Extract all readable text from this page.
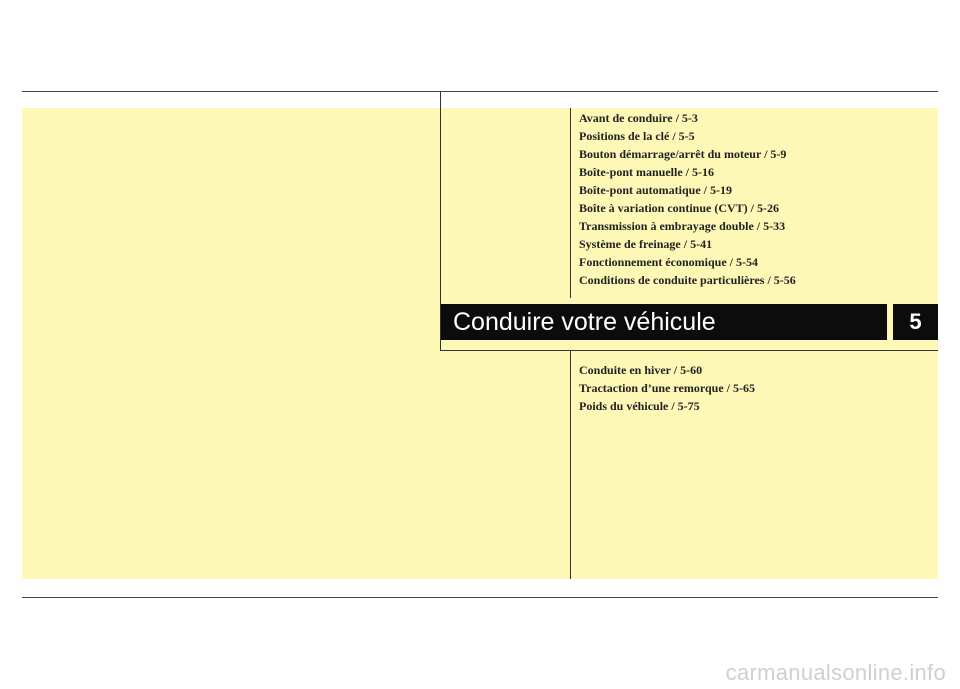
Avant de conduire / 5-3
Positions de la clé / 5-5
Bouton démarrage/arrêt du moteur / 5-9
Boîte-pont manuelle / 5-16
Boîte-pont automatique / 5-19
Boîte à variation continue (CVT) / 5-26
Transmission à embrayage double / 5-33
Système de freinage / 5-41
Fonctionnement économique / 5-54
Conditions de conduite particulières / 5-56
Conduire votre véhicule	5
Conduite en hiver / 5-60
Tractaction d’une remorque / 5-65
Poids du véhicule / 5-75
carmanualsonline.info
